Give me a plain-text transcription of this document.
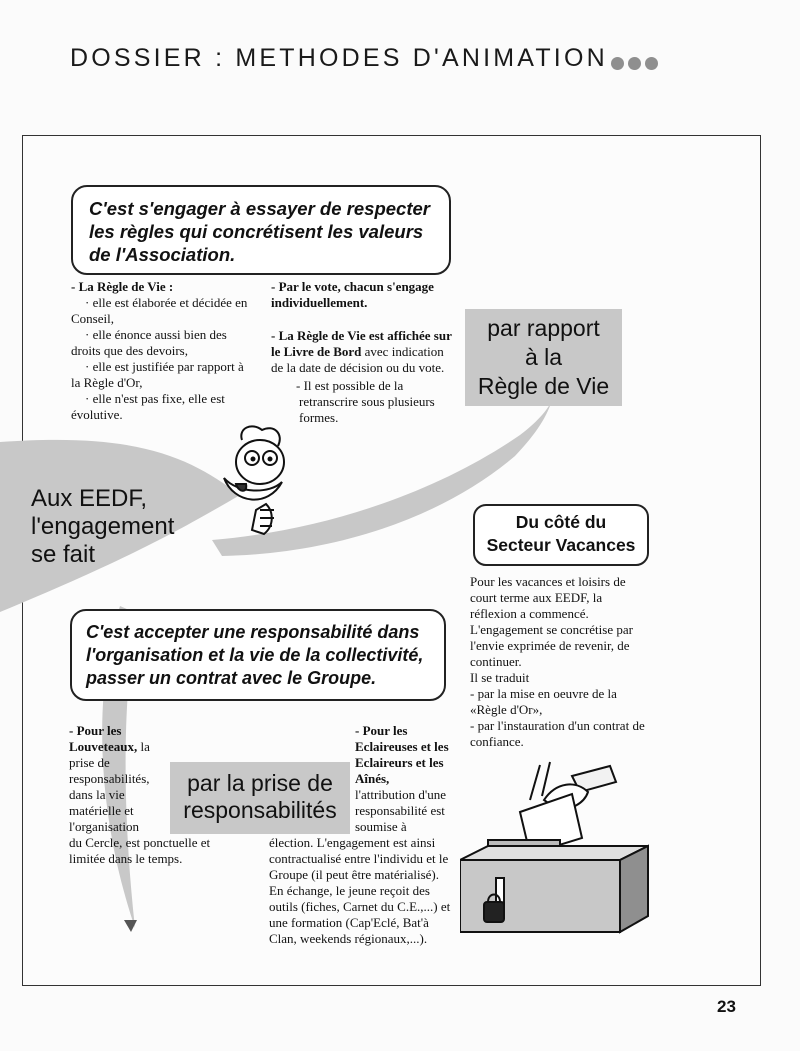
DOSSIER : METHODES D'ANIMATION
C'est s'engager à essayer de respecter
les règles qui concrétisent les valeurs
de l'Association.

- La Règle de Vie :

· elle est élaborée et décidée en Conseil,

· elle énonce aussi bien des droits que des devoirs,

· elle est justifiée par rapport à la Règle d'Or,

· elle n'est pas fixe, elle est évolutive.

- Par le vote, chacun s'engage individuellement.

- La Règle de Vie est affichée sur le Livre de Bord avec indication de la date de décision ou du vote.

- Il est possible de la retranscrire sous plusieurs formes.

par rapport
à la
Règle de Vie
Aux EEDF,
l'engagement
se fait
Du côté du
Secteur Vacances

Pour les vacances et loisirs de court terme aux EEDF, la réflexion a commencé. L'engagement se concrétise par l'envie exprimée de revenir, de continuer.

Il se traduit

- par la mise en oeuvre de la «Règle d'Or»,

- par l'instauration d'un contrat de confiance.

C'est accepter une responsabilité dans
l'organisation et la vie de la collectivité,
passer un contrat avec le Groupe.

- Pour les Louveteaux, la prise de responsabilités, dans la vie matérielle et l'organisation du Cercle, est ponctuelle et limitée dans le temps.

- Pour les Eclaireuses et les Eclaireurs et les Aînés, l'attribution d'une responsabilité est soumise à élection. L'engagement est ainsi contractualisé entre l'individu et le Groupe (il peut être matérialisé). En échange, le jeune reçoit des outils (fiches, Carnet du C.E.,...) et une formation (Cap'Eclé, Bat'à Clan, weekends régionaux,...).

par la prise de
responsabilités
23
